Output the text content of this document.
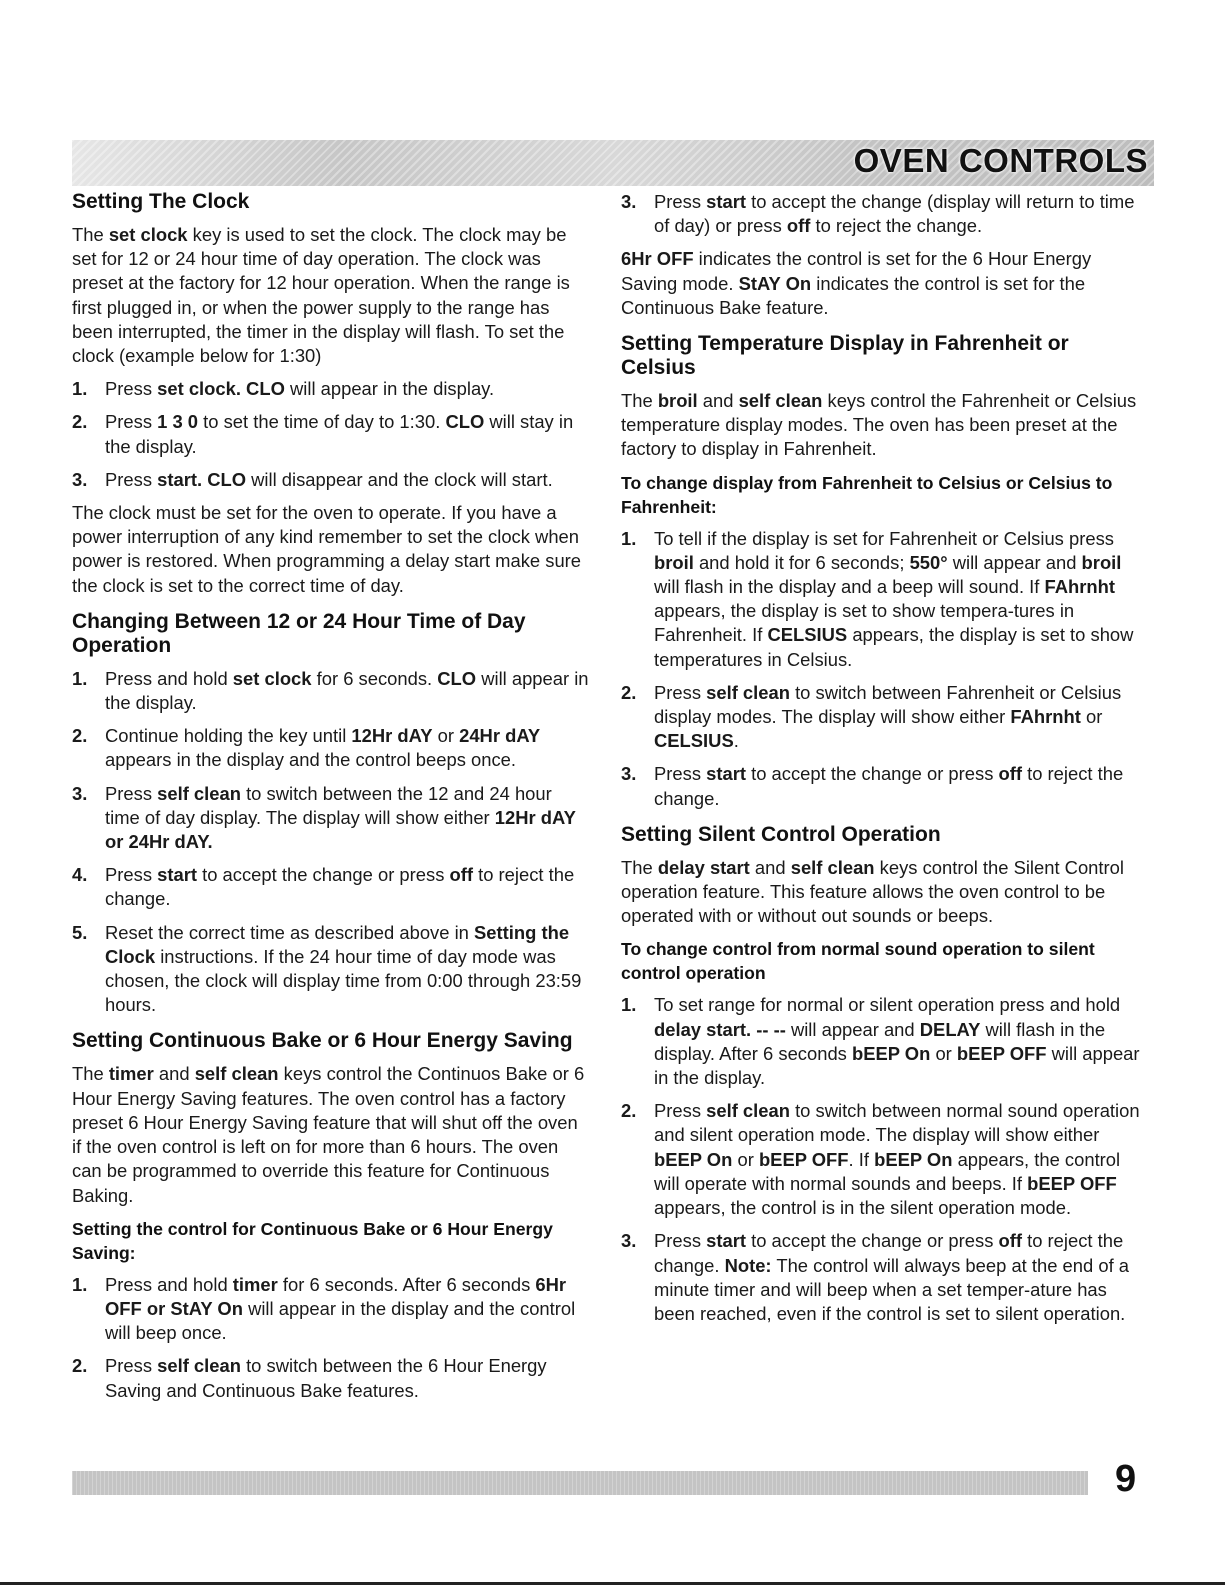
OVEN CONTROLS
Setting The Clock

The set clock key is used to set the clock. The clock may be set for 12 or 24 hour time of day operation. The clock was preset at the factory for 12 hour operation. When the range is first plugged in, or when the power supply to the range has been interrupted, the timer in the display will flash. To set the clock (example below for 1:30)

1. Press set clock. CLO will appear in the display.
2. Press 1 3 0 to set the time of day to 1:30. CLO will stay in the display.
3. Press start. CLO will disappear and the clock will start.

The clock must be set for the oven to operate. If you have a power interruption of any kind remember to set the clock when power is restored. When programming a delay start make sure the clock is set to the correct time of day.

Changing Between 12 or 24 Hour Time of Day Operation
1. Press and hold set clock for 6 seconds. CLO will appear in the display.
2. Continue holding the key until 12Hr dAY or 24Hr dAY appears in the display and the control beeps once.
3. Press self clean to switch between the 12 and 24 hour time of day display. The display will show either 12Hr dAY or 24Hr dAY.
4. Press start to accept the change or press off to reject the change.
5. Reset the correct time as described above in Setting the Clock instructions. If the 24 hour time of day mode was chosen, the clock will display time from 0:00 through 23:59 hours.
Setting Continuous Bake or 6 Hour Energy Saving

The timer and self clean keys control the Continuos Bake or 6 Hour Energy Saving features. The oven control has a factory preset 6 Hour Energy Saving feature that will shut off the oven if the oven control is left on for more than 6 hours. The oven can be programmed to override this feature for Continuous Baking.

Setting the control for Continuous Bake or 6 Hour Energy Saving:
1. Press and hold timer for 6 seconds. After 6 seconds 6Hr OFF or StAY On will appear in the display and the control will beep once.
2. Press self clean to switch between the 6 Hour Energy Saving and Continuous Bake features.
3. Press start to accept the change (display will return to time of day) or press off to reject the change.

6Hr OFF indicates the control is set for the 6 Hour Energy Saving mode. StAY On indicates the control is set for the Continuous Bake feature.

Setting Temperature Display in Fahrenheit or Celsius

The broil and self clean keys control the Fahrenheit or Celsius temperature display modes. The oven has been preset at the factory to display in Fahrenheit.

To change display from Fahrenheit to Celsius or Celsius to Fahrenheit:
1. To tell if the display is set for Fahrenheit or Celsius press broil and hold it for 6 seconds; 550° will appear and broil will flash in the display and a beep will sound. If FAhrnht appears, the display is set to show tempera-tures in Fahrenheit. If CELSIUS appears, the display is set to show temperatures in Celsius.
2. Press self clean to switch between Fahrenheit or Celsius display modes. The display will show either FAhrnht or CELSIUS.
3. Press start to accept the change or press off to reject the change.
Setting Silent Control Operation

The delay start and self clean keys control the Silent Control operation feature. This feature allows the oven control to be operated with or without out sounds or beeps.

To change control from normal sound operation to silent control operation
1. To set range for normal or silent operation press and hold delay start. -- -- will appear and DELAY will flash in the display. After 6 seconds bEEP On or bEEP OFF will appear in the display.
2. Press self clean to switch between normal sound operation and silent operation mode. The display will show either bEEP On or bEEP OFF. If bEEP On appears, the control will operate with normal sounds and beeps. If bEEP OFF appears, the control is in the silent operation mode.
3. Press start to accept the change or press off to reject the change. Note: The control will always beep at the end of a minute timer and will beep when a set temper-ature has been reached, even if the control is set to silent operation.
9
